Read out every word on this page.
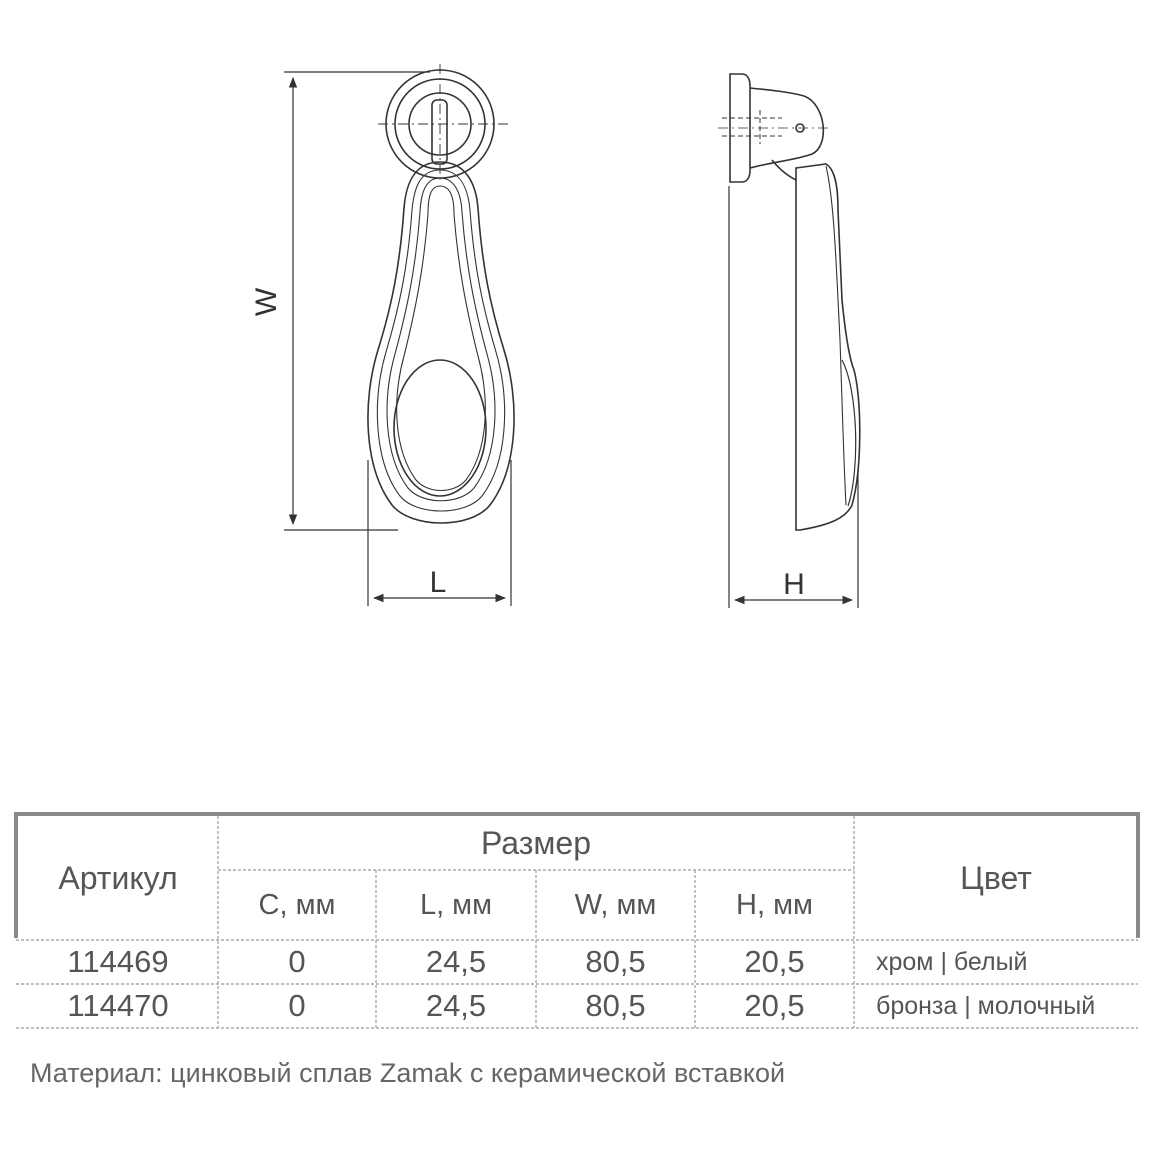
W
L	H
Артикул
Размер
Цвет
C, мм	L, мм	W, мм	H, мм
114469	0	24,5	80,5	20,5	хром | белый
114470	0	24,5	80,5	20,5	бронза | молочный
Материал: цинковый сплав Zamak с керамической вставкой
